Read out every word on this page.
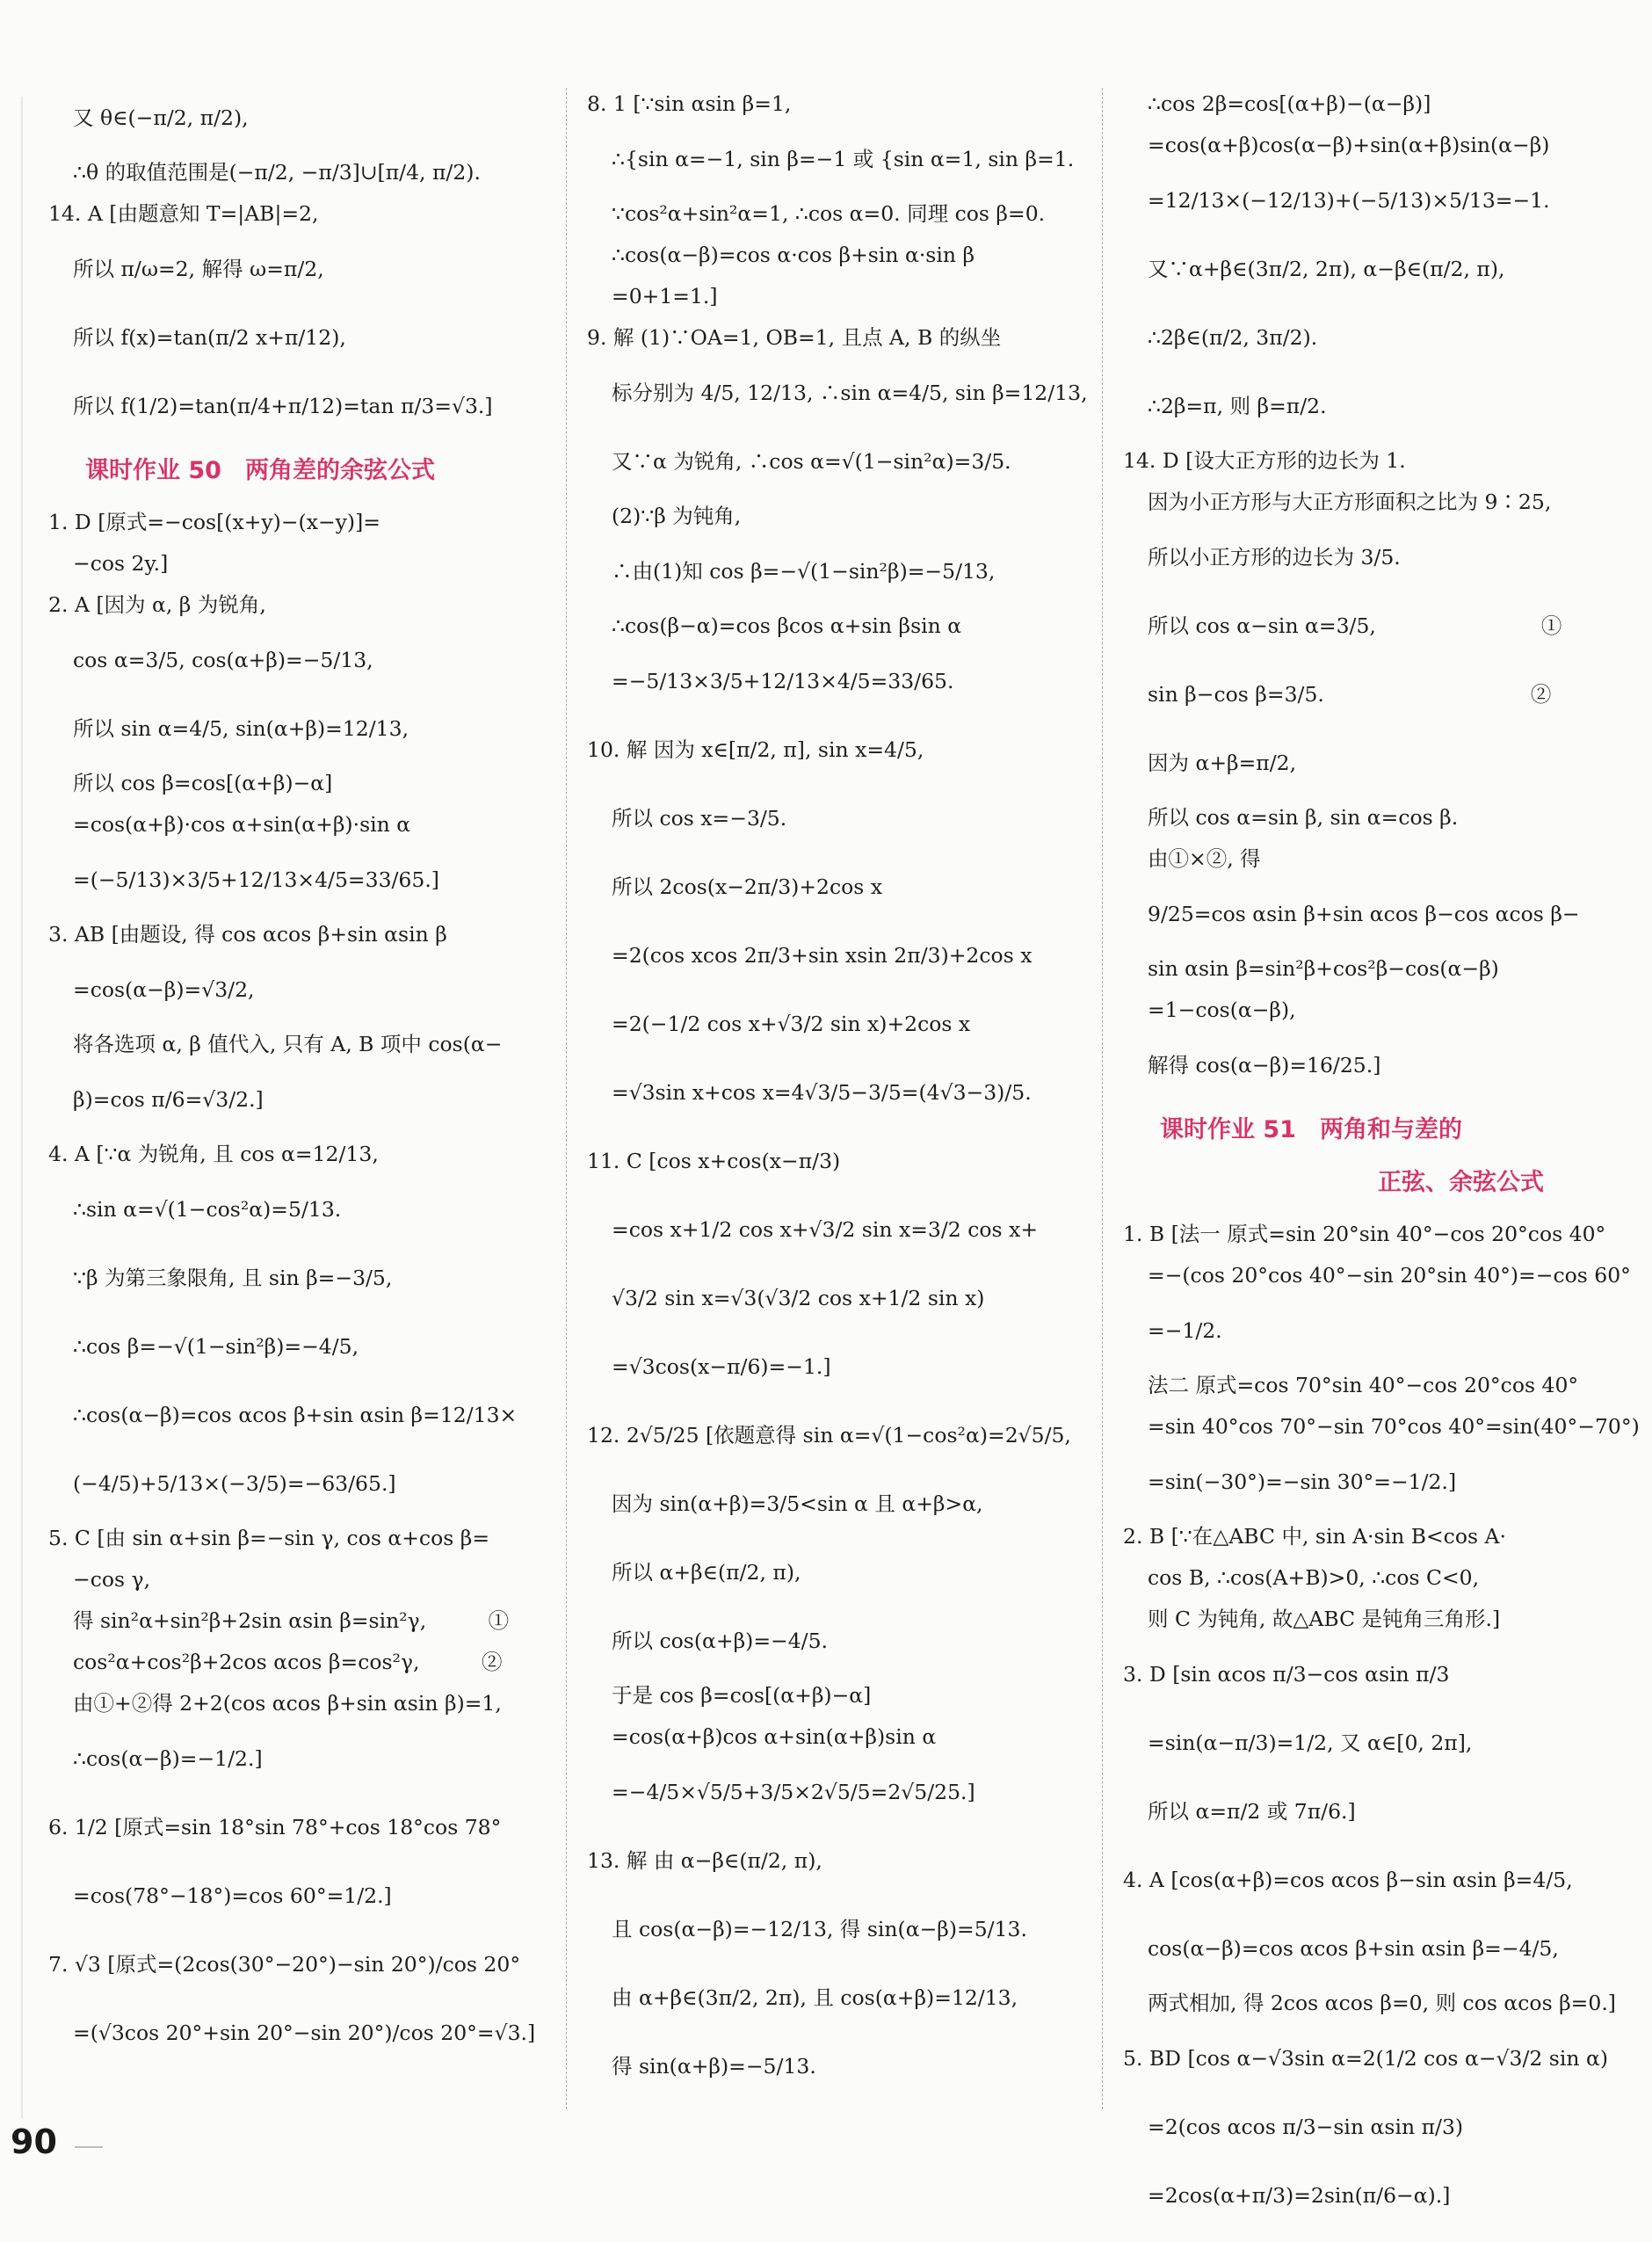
又 θ∈(−π/2, π/2),
∴θ 的取值范围是(−π/2, −π/3]∪[π/4, π/2).
14. A [由题意知 T=|AB|=2,
所以 π/ω=2, 解得 ω=π/2,
所以 f(x)=tan(π/2 x+π/12),
所以 f(1/2)=tan(π/4+π/12)=tan π/3=√3.]
课时作业 50　两角差的余弦公式
1. D [原式=−cos[(x+y)−(x−y)]=
−cos 2y.]
2. A [因为 α, β 为锐角,
cos α=3/5, cos(α+β)=−5/13,
所以 sin α=4/5, sin(α+β)=12/13,
所以 cos β=cos[(α+β)−α]
=cos(α+β)·cos α+sin(α+β)·sin α
=(−5/13)×3/5+12/13×4/5=33/65.]
3. AB [由题设, 得 cos αcos β+sin αsin β
=cos(α−β)=√3/2,
将各选项 α, β 值代入, 只有 A, B 项中 cos(α−
β)=cos π/6=√3/2.]
4. A [∵α 为锐角, 且 cos α=12/13,
∴sin α=√(1−cos²α)=5/13.
∵β 为第三象限角, 且 sin β=−3/5,
∴cos β=−√(1−sin²β)=−4/5,
∴cos(α−β)=cos αcos β+sin αsin β=12/13×
(−4/5)+5/13×(−3/5)=−63/65.]
5. C [由 sin α+sin β=−sin γ, cos α+cos β=
−cos γ,
得 sin²α+sin²β+2sin αsin β=sin²γ,　　　①
cos²α+cos²β+2cos αcos β=cos²γ,　　　②
由①+②得 2+2(cos αcos β+sin αsin β)=1,
∴cos(α−β)=−1/2.]
6. 1/2 [原式=sin 18°sin 78°+cos 18°cos 78°
=cos(78°−18°)=cos 60°=1/2.]
7. √3 [原式=(2cos(30°−20°)−sin 20°)/cos 20°
=(√3cos 20°+sin 20°−sin 20°)/cos 20°=√3.]
8. 1 [∵sin αsin β=1,
∴{sin α=−1, sin β=−1 或 {sin α=1, sin β=1.
∵cos²α+sin²α=1, ∴cos α=0. 同理 cos β=0.
∴cos(α−β)=cos α·cos β+sin α·sin β
=0+1=1.]
9. 解 (1)∵OA=1, OB=1, 且点 A, B 的纵坐
标分别为 4/5, 12/13, ∴sin α=4/5, sin β=12/13,
又∵α 为锐角, ∴cos α=√(1−sin²α)=3/5.
(2)∵β 为钝角,
∴由(1)知 cos β=−√(1−sin²β)=−5/13,
∴cos(β−α)=cos βcos α+sin βsin α
=−5/13×3/5+12/13×4/5=33/65.
10. 解 因为 x∈[π/2, π], sin x=4/5,
所以 cos x=−3/5.
所以 2cos(x−2π/3)+2cos x
=2(cos xcos 2π/3+sin xsin 2π/3)+2cos x
=2(−1/2 cos x+√3/2 sin x)+2cos x
=√3sin x+cos x=4√3/5−3/5=(4√3−3)/5.
11. C [cos x+cos(x−π/3)
=cos x+1/2 cos x+√3/2 sin x=3/2 cos x+
√3/2 sin x=√3(√3/2 cos x+1/2 sin x)
=√3cos(x−π/6)=−1.]
12. 2√5/25 [依题意得 sin α=√(1−cos²α)=2√5/5,
因为 sin(α+β)=3/5<sin α 且 α+β>α,
所以 α+β∈(π/2, π),
所以 cos(α+β)=−4/5.
于是 cos β=cos[(α+β)−α]
=cos(α+β)cos α+sin(α+β)sin α
=−4/5×√5/5+3/5×2√5/5=2√5/25.]
13. 解 由 α−β∈(π/2, π),
且 cos(α−β)=−12/13, 得 sin(α−β)=5/13.
由 α+β∈(3π/2, 2π), 且 cos(α+β)=12/13,
得 sin(α+β)=−5/13.
∴cos 2β=cos[(α+β)−(α−β)]
=cos(α+β)cos(α−β)+sin(α+β)sin(α−β)
=12/13×(−12/13)+(−5/13)×5/13=−1.
又∵α+β∈(3π/2, 2π), α−β∈(π/2, π),
∴2β∈(π/2, 3π/2).
∴2β=π, 则 β=π/2.
14. D [设大正方形的边长为 1.
因为小正方形与大正方形面积之比为 9∶25,
所以小正方形的边长为 3/5.
所以 cos α−sin α=3/5,　　　　　　　　①
sin β−cos β=3/5.　　　　　　　　　　②
因为 α+β=π/2,
所以 cos α=sin β, sin α=cos β.
由①×②, 得
9/25=cos αsin β+sin αcos β−cos αcos β−
sin αsin β=sin²β+cos²β−cos(α−β)
=1−cos(α−β),
解得 cos(α−β)=16/25.]
课时作业 51　两角和与差的
正弦、余弦公式
1. B [法一 原式=sin 20°sin 40°−cos 20°cos 40°
=−(cos 20°cos 40°−sin 20°sin 40°)=−cos 60°
=−1/2.
法二 原式=cos 70°sin 40°−cos 20°cos 40°
=sin 40°cos 70°−sin 70°cos 40°=sin(40°−70°)
=sin(−30°)=−sin 30°=−1/2.]
2. B [∵在△ABC 中, sin A·sin B<cos A·
cos B, ∴cos(A+B)>0, ∴cos C<0,
则 C 为钝角, 故△ABC 是钝角三角形.]
3. D [sin αcos π/3−cos αsin π/3
=sin(α−π/3)=1/2, 又 α∈[0, 2π],
所以 α=π/2 或 7π/6.]
4. A [cos(α+β)=cos αcos β−sin αsin β=4/5,
cos(α−β)=cos αcos β+sin αsin β=−4/5,
两式相加, 得 2cos αcos β=0, 则 cos αcos β=0.]
5. BD [cos α−√3sin α=2(1/2 cos α−√3/2 sin α)
=2(cos αcos π/3−sin αsin π/3)
=2cos(α+π/3)=2sin(π/6−α).]
90
